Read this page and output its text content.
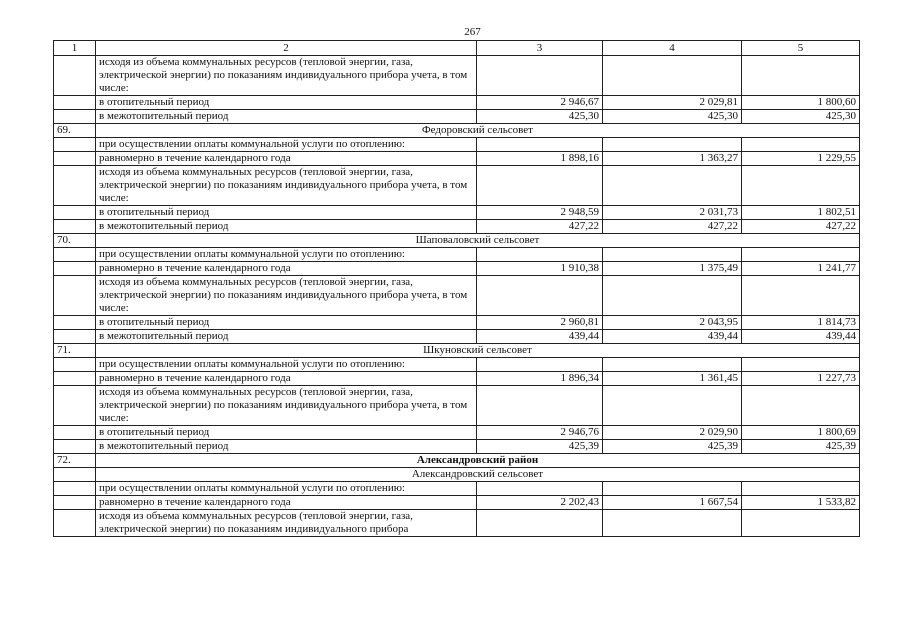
267
1	2	3	4	5
	исходя из объема коммунальных ресурсов (тепловой энергии, газа, электрической энергии) по показаниям индивидуального прибора учета, в том числе:			
	в отопительный период	2 946,67	2 029,81	1 800,60
	в межотопительный период	425,30	425,30	425,30
69.	Федоровский сельсовет			
	при осуществлении оплаты коммунальной услуги по отоплению:			
	равномерно в течение календарного года	1 898,16	1 363,27	1 229,55
	исходя из объема коммунальных ресурсов (тепловой энергии, газа, электрической энергии) по показаниям индивидуального прибора учета, в том числе:			
	в отопительный период	2 948,59	2 031,73	1 802,51
	в межотопительный период	427,22	427,22	427,22
70.	Шаповаловский сельсовет			
	при осуществлении оплаты коммунальной услуги по отоплению:			
	равномерно в течение календарного года	1 910,38	1 375,49	1 241,77
	исходя из объема коммунальных ресурсов (тепловой энергии, газа, электрической энергии) по показаниям индивидуального прибора учета, в том числе:			
	в отопительный период	2 960,81	2 043,95	1 814,73
	в межотопительный период	439,44	439,44	439,44
71.	Шкуновский сельсовет			
	при осуществлении оплаты коммунальной услуги по отоплению:			
	равномерно в течение календарного года	1 896,34	1 361,45	1 227,73
	исходя из объема коммунальных ресурсов (тепловой энергии, газа, электрической энергии) по показаниям индивидуального прибора учета, в том числе:			
	в отопительный период	2 946,76	2 029,90	1 800,69
	в межотопительный период	425,39	425,39	425,39
72.	Александровский район			
	Александровский сельсовет			
	при осуществлении оплаты коммунальной услуги по отоплению:			
	равномерно в течение календарного года	2 202,43	1 667,54	1 533,82
	исходя из объема коммунальных ресурсов (тепловой энергии, газа, электрической энергии) по показаниям индивидуального прибора			
